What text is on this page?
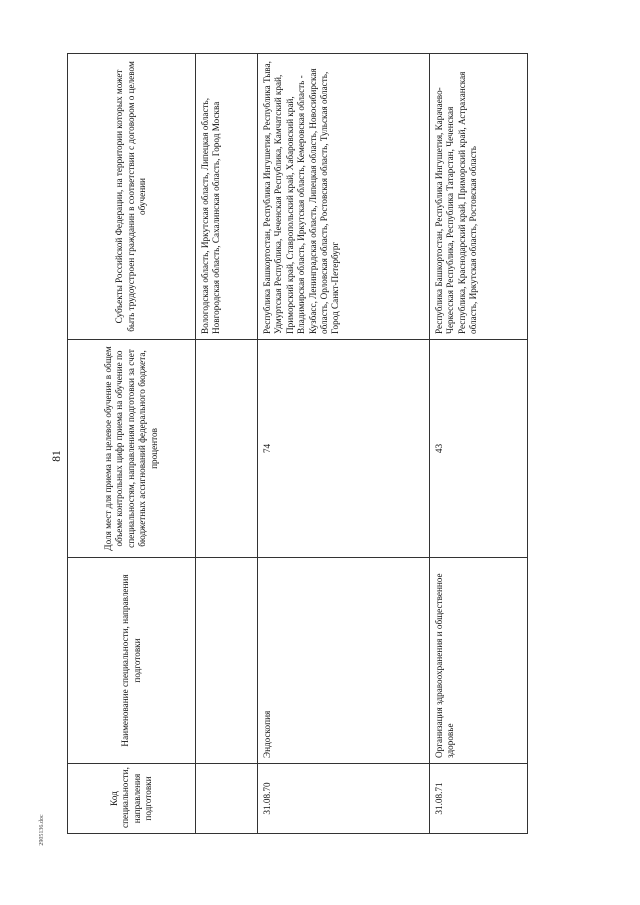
81
Код специальности, направления подготовки	Наименование специальности, направления подготовки	Доля мест для приема на целевое обучение в общем объеме контрольных цифр приема на обучение по специальностям, направлениям подготовки за счет бюджетных ассигнований федерального бюджета, процентов	Субъекты Российской Федерации, на территории которых может быть трудоустроен гражданин в соответствии с договором о целевом обучении
			Вологодская область, Иркутская область, Липецкая область, Новгородская область, Сахалинская область, Город Москва
31.08.70	Эндоскопия	74	Республика Башкортостан, Республика Ингушетия, Республика Тыва, Удмуртская Республика, Чеченская Республика, Камчатский край, Приморский край, Ставропольский край, Хабаровский край, Владимирская область, Иркутская область, Кемеровская область - Кузбасс, Ленинградская область, Липецкая область, Новосибирская область, Орловская область, Ростовская область, Тульская область, Город Санкт-Петербург
31.08.71	Организация здравоохранения и общественное здоровье	43	Республика Башкортостан, Республика Ингушетия, Карачаево-Черкесская Республика, Республика Татарстан, Чеченская Республика, Краснодарский край, Приморский край, Астраханская область, Иркутская область, Ростовская область
2905136.doc
